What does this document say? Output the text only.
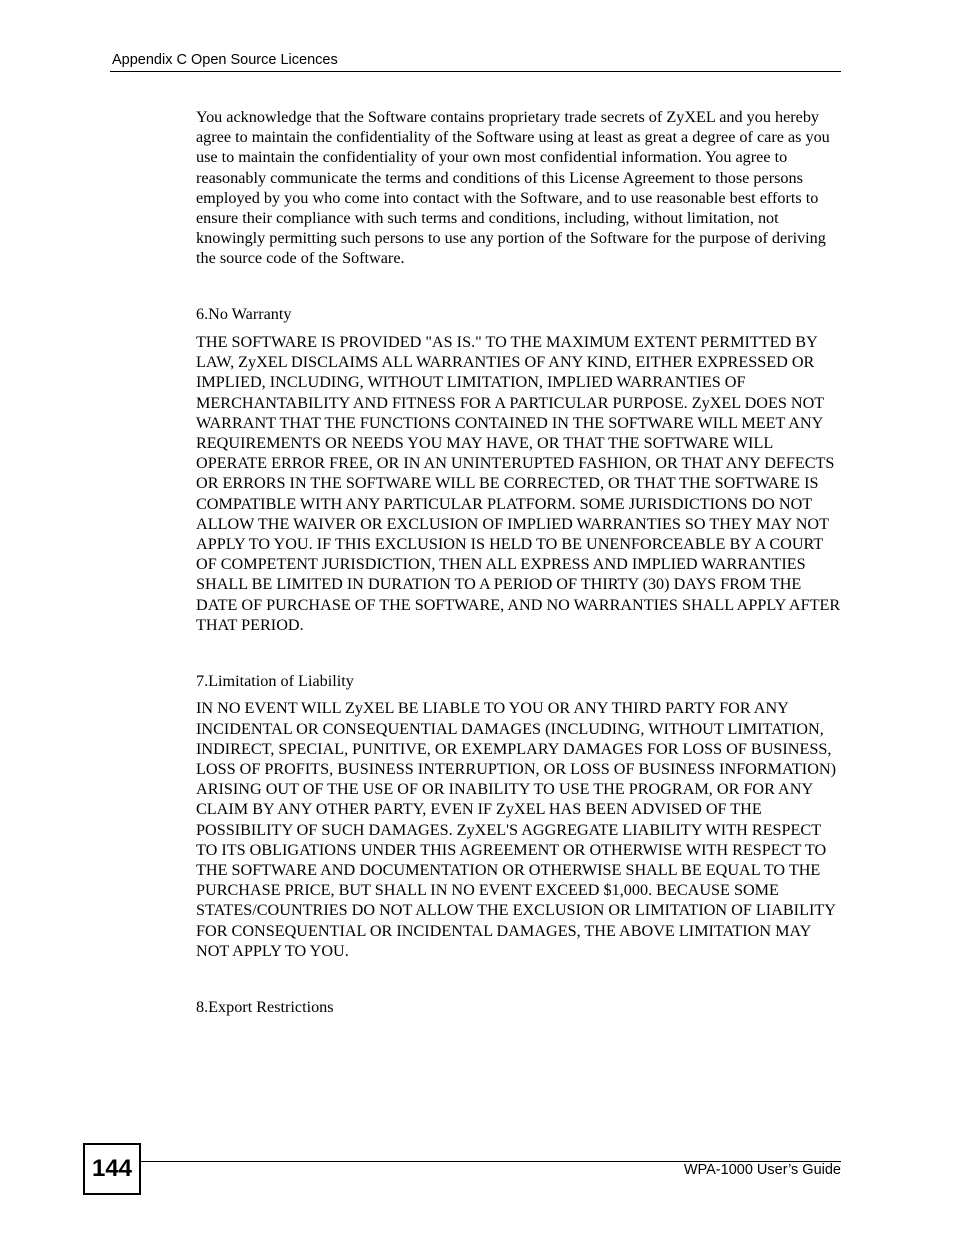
Appendix C Open Source Licences

You acknowledge that the Software contains proprietary trade secrets of ZyXEL and you hereby agree to maintain the confidentiality of the Software using at least as great a degree of care as you use to maintain the confidentiality of your own most confidential information. You agree to reasonably communicate the terms and conditions of this License Agreement to those persons employed by you who come into contact with the Software, and to use reasonable best efforts to ensure their compliance with such terms and conditions, including, without limitation, not knowingly permitting such persons to use any portion of the Software for the purpose of deriving the source code of the Software.

6.No Warranty

THE SOFTWARE IS PROVIDED "AS IS." TO THE MAXIMUM EXTENT PERMITTED BY LAW, ZyXEL DISCLAIMS ALL WARRANTIES OF ANY KIND, EITHER EXPRESSED OR IMPLIED, INCLUDING, WITHOUT LIMITATION, IMPLIED WARRANTIES OF MERCHANTABILITY AND FITNESS FOR A PARTICULAR PURPOSE. ZyXEL DOES NOT WARRANT THAT THE FUNCTIONS CONTAINED IN THE SOFTWARE WILL MEET ANY REQUIREMENTS OR NEEDS YOU MAY HAVE, OR THAT THE SOFTWARE WILL OPERATE ERROR FREE, OR IN AN UNINTERUPTED FASHION, OR THAT ANY DEFECTS OR ERRORS IN THE SOFTWARE WILL BE CORRECTED, OR THAT THE SOFTWARE IS COMPATIBLE WITH ANY PARTICULAR PLATFORM. SOME JURISDICTIONS DO NOT ALLOW THE WAIVER OR EXCLUSION OF IMPLIED WARRANTIES SO THEY MAY NOT APPLY TO YOU. IF THIS EXCLUSION IS HELD TO BE UNENFORCEABLE BY A COURT OF COMPETENT JURISDICTION, THEN ALL EXPRESS AND IMPLIED WARRANTIES SHALL BE LIMITED IN DURATION TO A PERIOD OF THIRTY (30) DAYS FROM THE DATE OF PURCHASE OF THE SOFTWARE, AND NO WARRANTIES SHALL APPLY AFTER THAT PERIOD.

7.Limitation of Liability

IN NO EVENT WILL ZyXEL BE LIABLE TO YOU OR ANY THIRD PARTY FOR ANY INCIDENTAL OR CONSEQUENTIAL DAMAGES (INCLUDING, WITHOUT LIMITATION, INDIRECT, SPECIAL, PUNITIVE, OR EXEMPLARY DAMAGES FOR LOSS OF BUSINESS, LOSS OF PROFITS, BUSINESS INTERRUPTION, OR LOSS OF BUSINESS INFORMATION) ARISING OUT OF THE USE OF OR INABILITY TO USE THE PROGRAM, OR FOR ANY CLAIM BY ANY OTHER PARTY, EVEN IF ZyXEL HAS BEEN ADVISED OF THE POSSIBILITY OF SUCH DAMAGES. ZyXEL'S AGGREGATE LIABILITY WITH RESPECT TO ITS OBLIGATIONS UNDER THIS AGREEMENT OR OTHERWISE WITH RESPECT TO THE SOFTWARE AND DOCUMENTATION OR OTHERWISE SHALL BE EQUAL TO THE PURCHASE PRICE, BUT SHALL IN NO EVENT EXCEED $1,000. BECAUSE SOME STATES/COUNTRIES DO NOT ALLOW THE EXCLUSION OR LIMITATION OF LIABILITY FOR CONSEQUENTIAL OR INCIDENTAL DAMAGES, THE ABOVE LIMITATION MAY NOT APPLY TO YOU.

8.Export Restrictions

144	WPA-1000 User’s Guide
